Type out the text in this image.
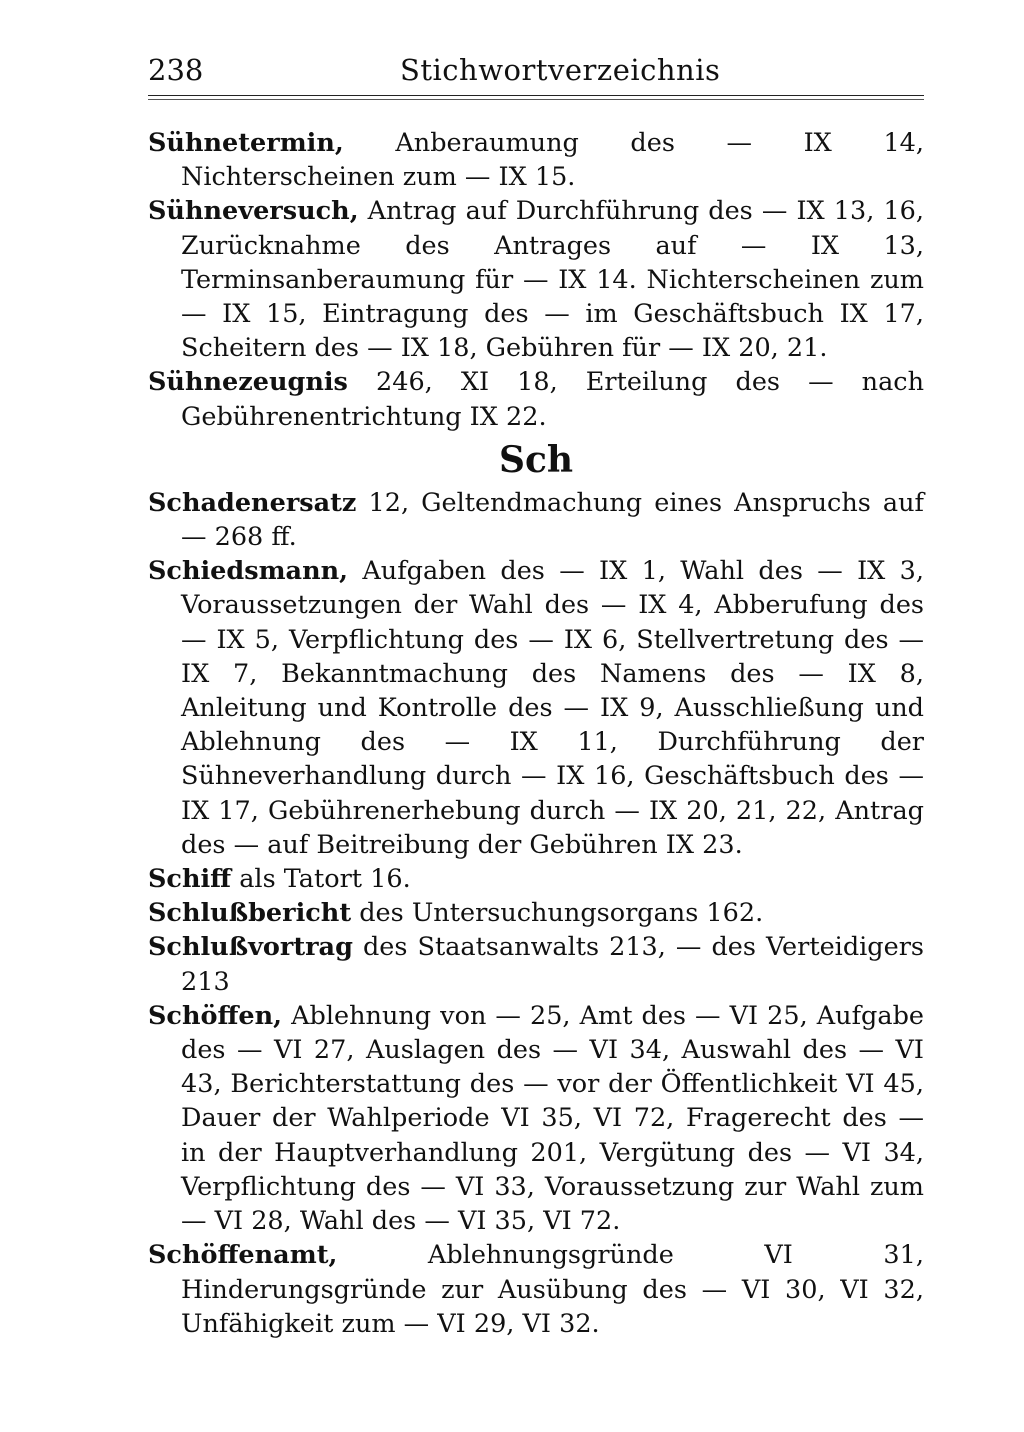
238	Stichwortverzeichnis

Sühnetermin, Anberaumung des — IX 14, Nichterscheinen zum — IX 15.

Sühneversuch, Antrag auf Durchführung des — IX 13, 16, Zurücknahme des Antrages auf — IX 13, Terminsanberaumung für — IX 14. Nichterscheinen zum — IX 15, Eintragung des — im Geschäftsbuch IX 17, Scheitern des — IX 18, Gebühren für — IX 20, 21.

Sühnezeugnis 246, XI 18, Erteilung des — nach Gebührenentrichtung IX 22.

Sch

Schadenersatz 12, Geltendmachung eines Anspruchs auf — 268 ff.

Schiedsmann, Aufgaben des — IX 1, Wahl des — IX 3, Voraussetzungen der Wahl des — IX 4, Abberufung des — IX 5, Verpflichtung des — IX 6, Stellvertretung des — IX 7, Bekanntmachung des Namens des — IX 8, Anleitung und Kontrolle des — IX 9, Ausschließung und Ablehnung des — IX 11, Durchführung der Sühneverhandlung durch — IX 16, Geschäftsbuch des — IX 17, Gebührenerhebung durch — IX 20, 21, 22, Antrag des — auf Beitreibung der Gebühren IX 23.

Schiff als Tatort 16.

Schlußbericht des Untersuchungsorgans 162.

Schlußvortrag des Staatsanwalts 213, — des Verteidigers 213

Schöffen, Ablehnung von — 25, Amt des — VI 25, Aufgabe des — VI 27, Auslagen des — VI 34, Auswahl des — VI 43, Berichterstattung des — vor der Öffentlichkeit VI 45, Dauer der Wahlperiode VI 35, VI 72, Fragerecht des — in der Hauptverhandlung 201, Vergütung des — VI 34, Verpflichtung des — VI 33, Voraussetzung zur Wahl zum — VI 28, Wahl des — VI 35, VI 72.

Schöffenamt, Ablehnungsgründe VI 31, Hinderungsgründe zur Ausübung des — VI 30, VI 32, Unfähigkeit zum — VI 29, VI 32.
